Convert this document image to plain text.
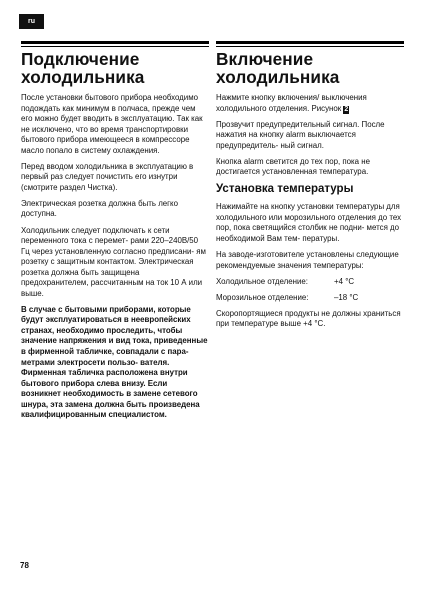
ru
Подключение холодильника

После установки бытового прибора необходимо подождать как минимум в полчаса, прежде чем его можно будет вводить в эксплуатацию. Так как не исключено, что во время транспортировки бытового прибора имеющееся в компрессоре масло попало в систему охлаждения.

Перед вводом холодильника в эксплуатацию в первый раз следует почистить его изнутри (смотрите раздел Чистка).

Электрическая розетка должна быть легко доступна.

Холодильник следует подключать к сети переменного тока с перемет- рами 220–240В/50 Гц через установленную согласно предписани- ям розетку с защитным контактом. Электрическая розетка должна быть защищена предохранителем, рассчитанным на ток 10 А или выше.

В случае с бытовыми приборами, которые будут эксплуатироваться в неевропейских странах, необходимо проследить, чтобы значение напряжения и вид тока, приведенные в фирменной табличке, совпадали с пара- метрами электросети пользо- вателя. Фирменная табличка расположена внутри бытового прибора слева внизу. Если возникнет необходимость в замене сетевого шнура, эта замена должна быть произведена квалифицированным специалистом.

Включение холодильника

Нажмите кнопку включения/ выключения холодильного отделения. Рисунок 2

Прозвучит предупредительный сигнал. После нажатия на кнопку alarm выключается предупредитель- ный сигнал.

Кнопка alarm светится до тех пор, пока не достигается установленная температура.

Установка температуры

Нажимайте на кнопку установки температуры для холодильного или морозильного отделения до тех пор, пока светящийся столбик не подни- мется до необходимой Вам тем- пературы.

На заводе-изготовителе установлены следующие рекомендуемые значения температуры:

Холодильное отделение:	+4 °C
Морозильное отделение:	–18 °C

Скоропортящиеся продукты не должны храниться при температуре выше +4 °C.

78
